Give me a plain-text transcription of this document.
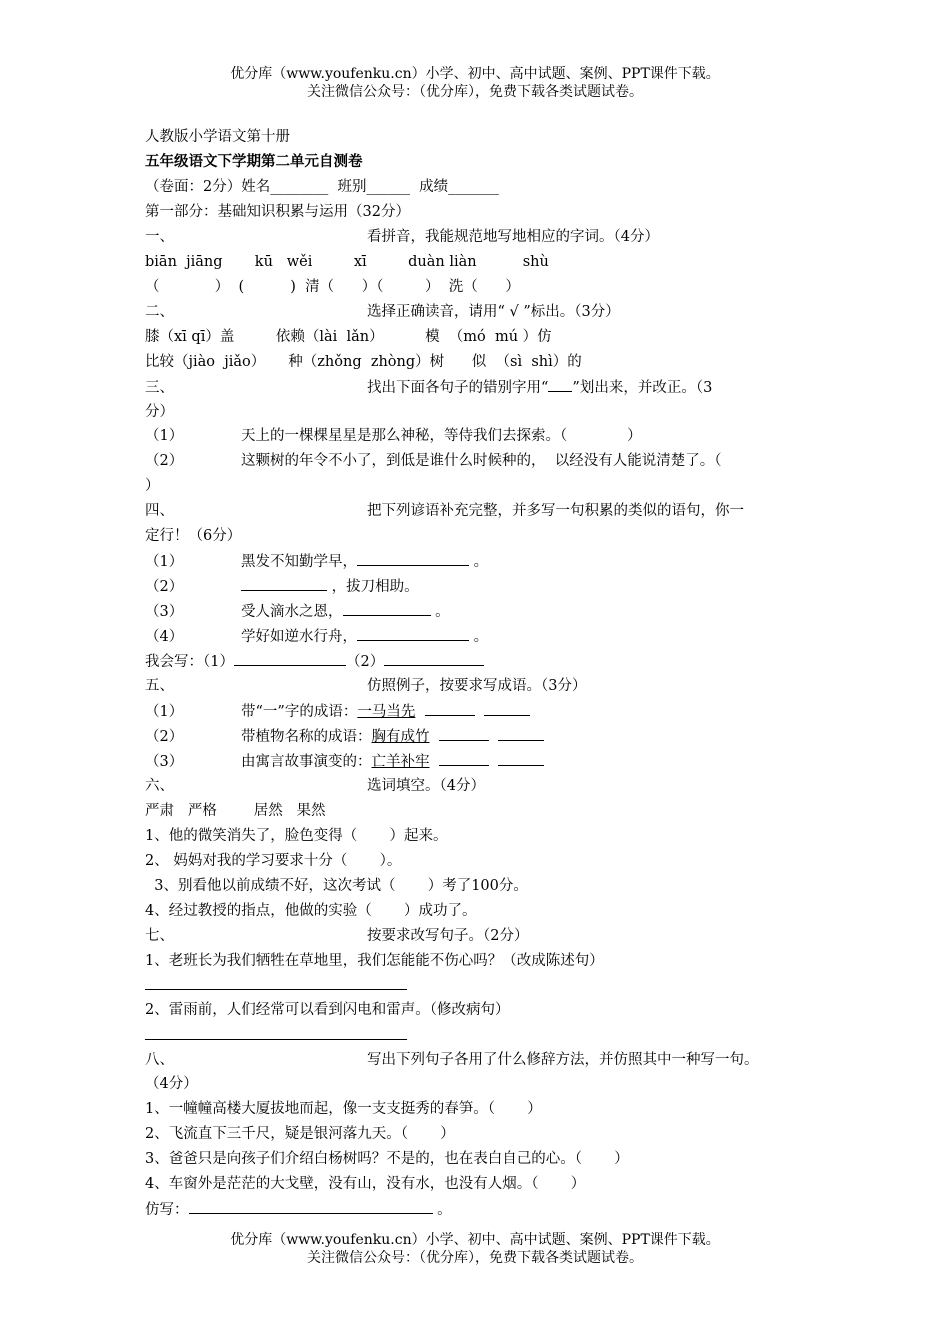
优分库（www.youfenku.cn）小学、初中、高中试题、案例、PPT课件下载。
关注微信公众号：（优分库），免费下载各类试题试卷。
人教版小学语文第十册
五年级语文下学期第二单元自测卷
（卷面：2分）姓名________  班别______  成绩_______
第一部分：基础知识积累与运用（32分）
一、	看拼音，我能规范地写地相应的字词。（4分）
biān  jiāng       kū   wěi         xī         duàn liàn          shù
（            ）  (          )  清（      ）（         ）  洗（      ）
二、	选择正确读音，请用“ √ ”标出。（3分）
膝（xī qī）盖         依赖（lài  lǎn）         模  （mó  mú ）仿
比较（jiào  jiǎo）     种（zhǒng  zhòng）树      似  （sì  shì）的
三、	找出下面各句子的错别字用“ ”划出来，并改正。（3
分）
（1）	天上的一棵棵星星是那么神秘，等侍我们去探索。（             ）
（2）	这颗树的年令不小了，到低是谁什么时候种的，  以经没有人能说清楚了。（
）
四、	把下列谚语补充完整，并多写一句积累的类似的语句，你一
定行！（6分）
（1）	黑发不知勤学早，	。
（2）	，拔刀相助。
（3）	受人滴水之恩，	。
（4）	学好如逆水行舟，	。
我会写：（1）	（2）
五、	仿照例子，按要求写成语。（3分）
（1）	带“一”字的成语：一马当先
（2）	带植物名称的成语：胸有成竹
（3）	由寓言故事演变的：亡羊补牢
六、	选词填空。（4分）
严肃   严格        居然   果然
1、他的微笑消失了，脸色变得（       ）起来。
2、 妈妈对我的学习要求十分（       ）。
3、别看他以前成绩不好，这次考试（       ）考了100分。
4、经过教授的指点，他做的实验（       ）成功了。
七、	按要求改写句子。（2分）
1、老班长为我们牺牲在草地里，我们怎能能不伤心吗？（改成陈述句）
2、雷雨前，人们经常可以看到闪电和雷声。（修改病句）
八、	写出下列句子各用了什么修辞方法，并仿照其中一种写一句。
（4分）
1、一幢幢高楼大厦拔地而起，像一支支挺秀的春笋。（       ）
2、飞流直下三千尺，疑是银河落九天。（       ）
3、爸爸只是向孩子们介绍白杨树吗？不是的，也在表白自己的心。（       ）
4、车窗外是茫茫的大戈壁，没有山，没有水，也没有人烟。（       ）
仿写：	。
优分库（www.youfenku.cn）小学、初中、高中试题、案例、PPT课件下载。
关注微信公众号：（优分库），免费下载各类试题试卷。
